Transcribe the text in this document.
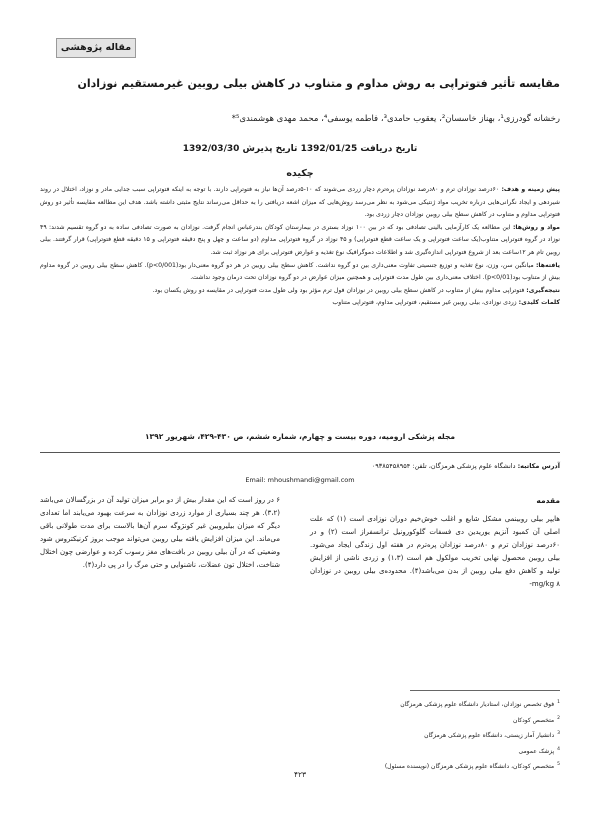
مقاله پژوهشی
مقایسه تأثیر فتوتراپی به روش مداوم و متناوب در کاهش بیلی روبین غیرمستقیم نوزادان
رخشانه گودرزی¹، بهناز خاسسان²، یعقوب حامدی³، فاطمه یوسفی⁴، محمد مهدی هوشمندی⁵*
تاریخ دریافت 1392/01/25 تاریخ پذیرش 1392/03/30
چکیده

پیش زمینه و هدف: ۶۰درصد نوزادان ترم و ۸۰درصد نوزادان پره‌ترم دچار زردی می‌شوند که ۱۰-۵درصد آن‌ها نیاز به فتوتراپی دارند. با توجه به اینکه فتوتراپی سبب جدایی مادر و نوزاد، اختلال در روند شیردهی و ایجاد نگرانی‌هایی درباره تخریب مواد ژنتیکی می‌شود به نظر می‌رسد روش‌هایی که میزان اشعه دریافتی را به حداقل می‌رساند نتایج مثبتی داشته باشد. هدف این مطالعه مقایسه تأثیر دو روش فتوتراپی مداوم و متناوب در کاهش سطح بیلی روبین نوزادان دچار زردی بود.

مواد و روش‌ها: این مطالعه یک کارآزمایی بالینی تصادفی بود که در بین ۱۰۰ نوزاد بستری در بیمارستان کودکان بندرعباس انجام گرفت. نوزادان به صورت تصادفی ساده به دو گروه تقسیم شدند: ۴۹ نوزاد در گروه فتوتراپی متناوب(یک ساعت فتوتراپی و یک ساعت قطع فتوتراپی) و ۴۵ نوزاد در گروه فتوتراپی مداوم (دو ساعت و چهل و پنج دقیقه فتوتراپی و ۱۵ دقیقه قطع فتوتراپی) قرار گرفتند. بیلی روبین تام هر ۱۲ساعت بعد از شروع فتوتراپی اندازه‌گیری شد و اطلاعات دموگرافیک نوع تغذیه و عوارض فتوتراپی برای هر نوزاد ثبت شد.

یافته‌ها: میانگین سن، وزن، نوع تغذیه و توزیع جنسیتی تفاوت معنی‌داری بین دو گروه نداشت. کاهش سطح بیلی روبین در هر دو گروه معنی‌دار بود(p<0/001). کاهش سطح بیلی روبین در گروه مداوم بیش از متناوب بود(p<0/01). اختلاف معنی‌داری بین طول مدت فتوتراپی و همچنین میزان عوارض در دو گروه نوزادان تحت درمان وجود نداشت.

نتیجه‌گیری: فتوتراپی مداوم بیش از متناوب در کاهش سطح بیلی روبین در نوزادان فول ترم مؤثر بود ولی طول مدت فتوتراپی در مقایسه دو روش یکسان بود.

کلمات کلیدی: زردی نوزادی، بیلی روبین غیر مستقیم، فتوتراپی مداوم، فتوتراپی متناوب

مجله پزشکی ارومیه، دوره بیست و چهارم، شماره ششم، ص ۴۳۰-۴۲۹، شهریور ۱۳۹۲
آدرس مکاتبه: دانشگاه علوم پزشکی هرمزگان، تلفن: ۰۹۳۸۵۴۵۸۹۵۴
Email: mhoushmandi@gmail.com
مقدمه
هایپر بیلی روبینمی مشکل شایع و اغلب خوش‌خیم دوران نوزادی است (۱) که علت اصلی آن کمبود آنزیم یوریدین دی فسفات گلوکورونیل ترانسفراز است (۲) و در ۶۰درصد نوزادان ترم و ۸۰درصد نوزادان پره‌ترم در هفته اول زندگی ایجاد می‌شود. بیلی روبین محصول نهایی تخریب مولکول هم است (۱،۳) و زردی ناشی از افزایش تولید و کاهش دفع بیلی روبین از بدن می‌باشد(۴). محدوده‌ی بیلی روبین در نوزادان mg/kg ۸-
۶ در روز است که این مقدار بیش از دو برابر میزان تولید آن در بزرگسالان می‌باشد (۳،۲). هر چند بسیاری از موارد زردی نوزادان به سرعت بهبود می‌یابند اما تعدادی دیگر که میزان بیلیروبین غیر کونژوگه سرم آن‌ها بالاست برای مدت طولانی باقی می‌ماند. این میزان افزایش یافته بیلی روبین می‌تواند موجب بروز کرنیکتروس شود وضعیتی که در آن بیلی روبین در بافت‌های مغز رسوب کرده و عوارضی چون اختلال شناخت، اختلال تون عضلات، ناشنوایی و حتی مرگ را در پی دارد(۴).
$^1$فوق تخصص نوزادان، استادیار دانشگاه علوم پزشکی هرمزگان
$^2$متخصص کودکان
$^3$دانشیار آمار زیستی، دانشگاه علوم پزشکی هرمزگان
$^4$پزشک عمومی
$^5$متخصص کودکان، دانشگاه علوم پزشکی هرمزگان (نویسنده مسئول)
۴۲۳
